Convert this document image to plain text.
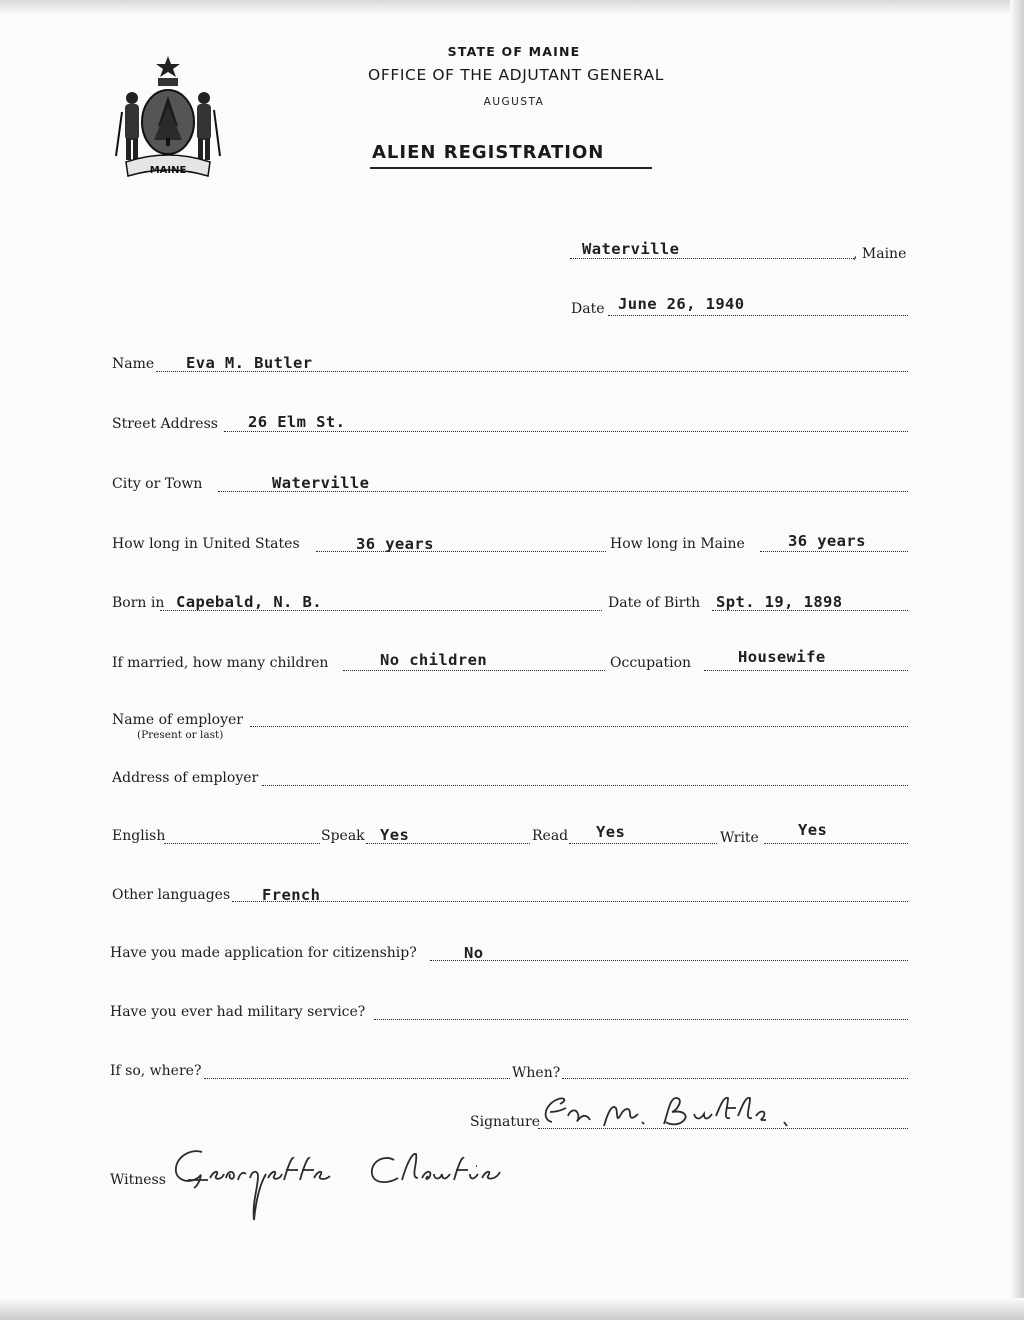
MAINE
STATE OF MAINE
OFFICE OF THE ADJUTANT GENERAL
AUGUSTA
ALIEN REGISTRATION
Waterville	, Maine
Date June 26, 1940
Name Eva M. Butler
Street Address 26 Elm St.
City or Town	Waterville
How long in United States	36 years	How long in Maine	36 years
Born in Capebald, N. B.	Date of Birth Spt. 19, 1898
If married, how many children	No children	Occupation	Housewife
Name of employer
(Present or last)
Address of employer
English	Speak Yes	Read Yes	Write	Yes
Other languages French
Have you made application for citizenship?	No
Have you ever had military service?
If so, where?	When?
Signature
Witness
